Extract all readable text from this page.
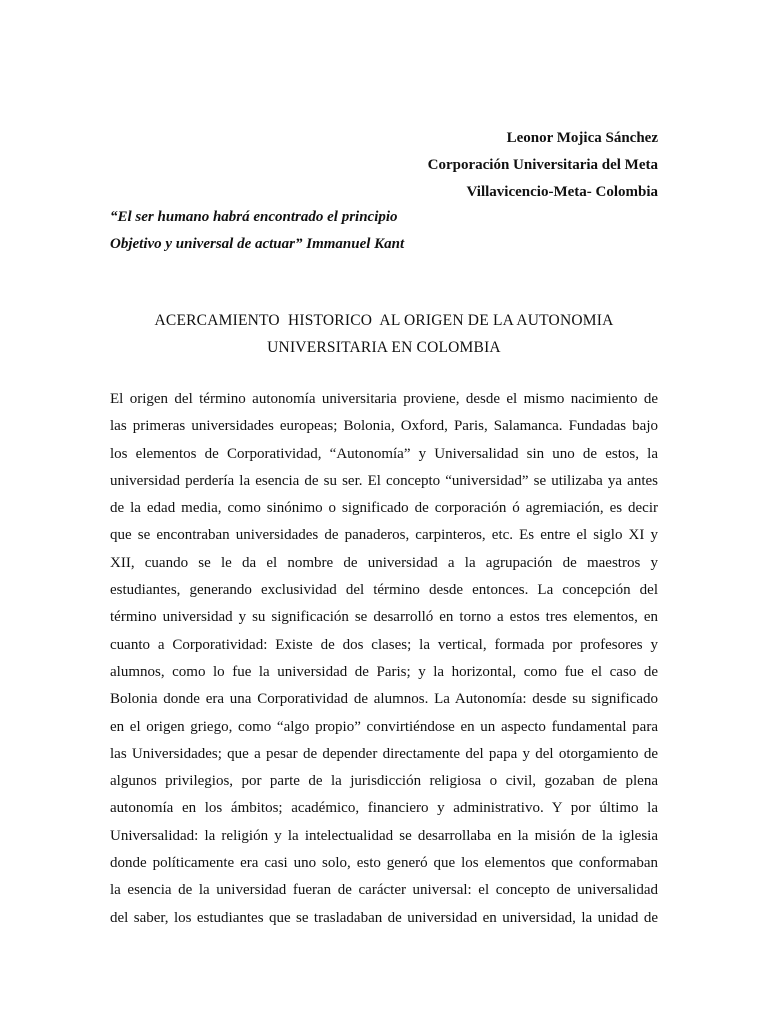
Leonor Mojica Sánchez
Corporación Universitaria del Meta
Villavicencio-Meta- Colombia
“El ser humano habrá encontrado el principio
Objetivo y universal de actuar” Immanuel Kant
ACERCAMIENTO  HISTORICO  AL ORIGEN DE LA AUTONOMIA
UNIVERSITARIA EN COLOMBIA
El origen del término autonomía universitaria proviene, desde el mismo nacimiento de
las primeras universidades europeas; Bolonia, Oxford, Paris, Salamanca. Fundadas bajo
los elementos de Corporatividad, “Autonomía” y Universalidad sin uno de estos, la
universidad perdería la esencia de su ser. El concepto “universidad” se utilizaba ya antes
de la edad media, como sinónimo o significado de corporación ó agremiación, es decir
que se encontraban universidades de panaderos, carpinteros, etc. Es entre el siglo XI y
XII, cuando se le da el nombre de universidad a la agrupación de maestros y
estudiantes, generando exclusividad del término desde entonces. La concepción del
término universidad y su significación se desarrolló en torno a estos tres elementos, en
cuanto a Corporatividad: Existe de dos clases; la vertical, formada por profesores y
alumnos, como lo fue la universidad de Paris; y la horizontal, como fue el caso de
Bolonia donde era una Corporatividad de alumnos. La Autonomía: desde su significado
en el origen griego, como “algo propio” convirtiéndose en un aspecto fundamental para
las Universidades; que a pesar de depender directamente del papa y del otorgamiento de
algunos privilegios, por parte de la jurisdicción religiosa o civil, gozaban de plena
autonomía en los ámbitos; académico, financiero y administrativo. Y por último la
Universalidad: la religión y la intelectualidad se desarrollaba en la misión de la iglesia
donde políticamente era casi uno solo, esto generó que los elementos que conformaban
la esencia de la universidad fueran de carácter universal: el concepto de universalidad
del saber, los estudiantes que se trasladaban de universidad en universidad, la unidad de
